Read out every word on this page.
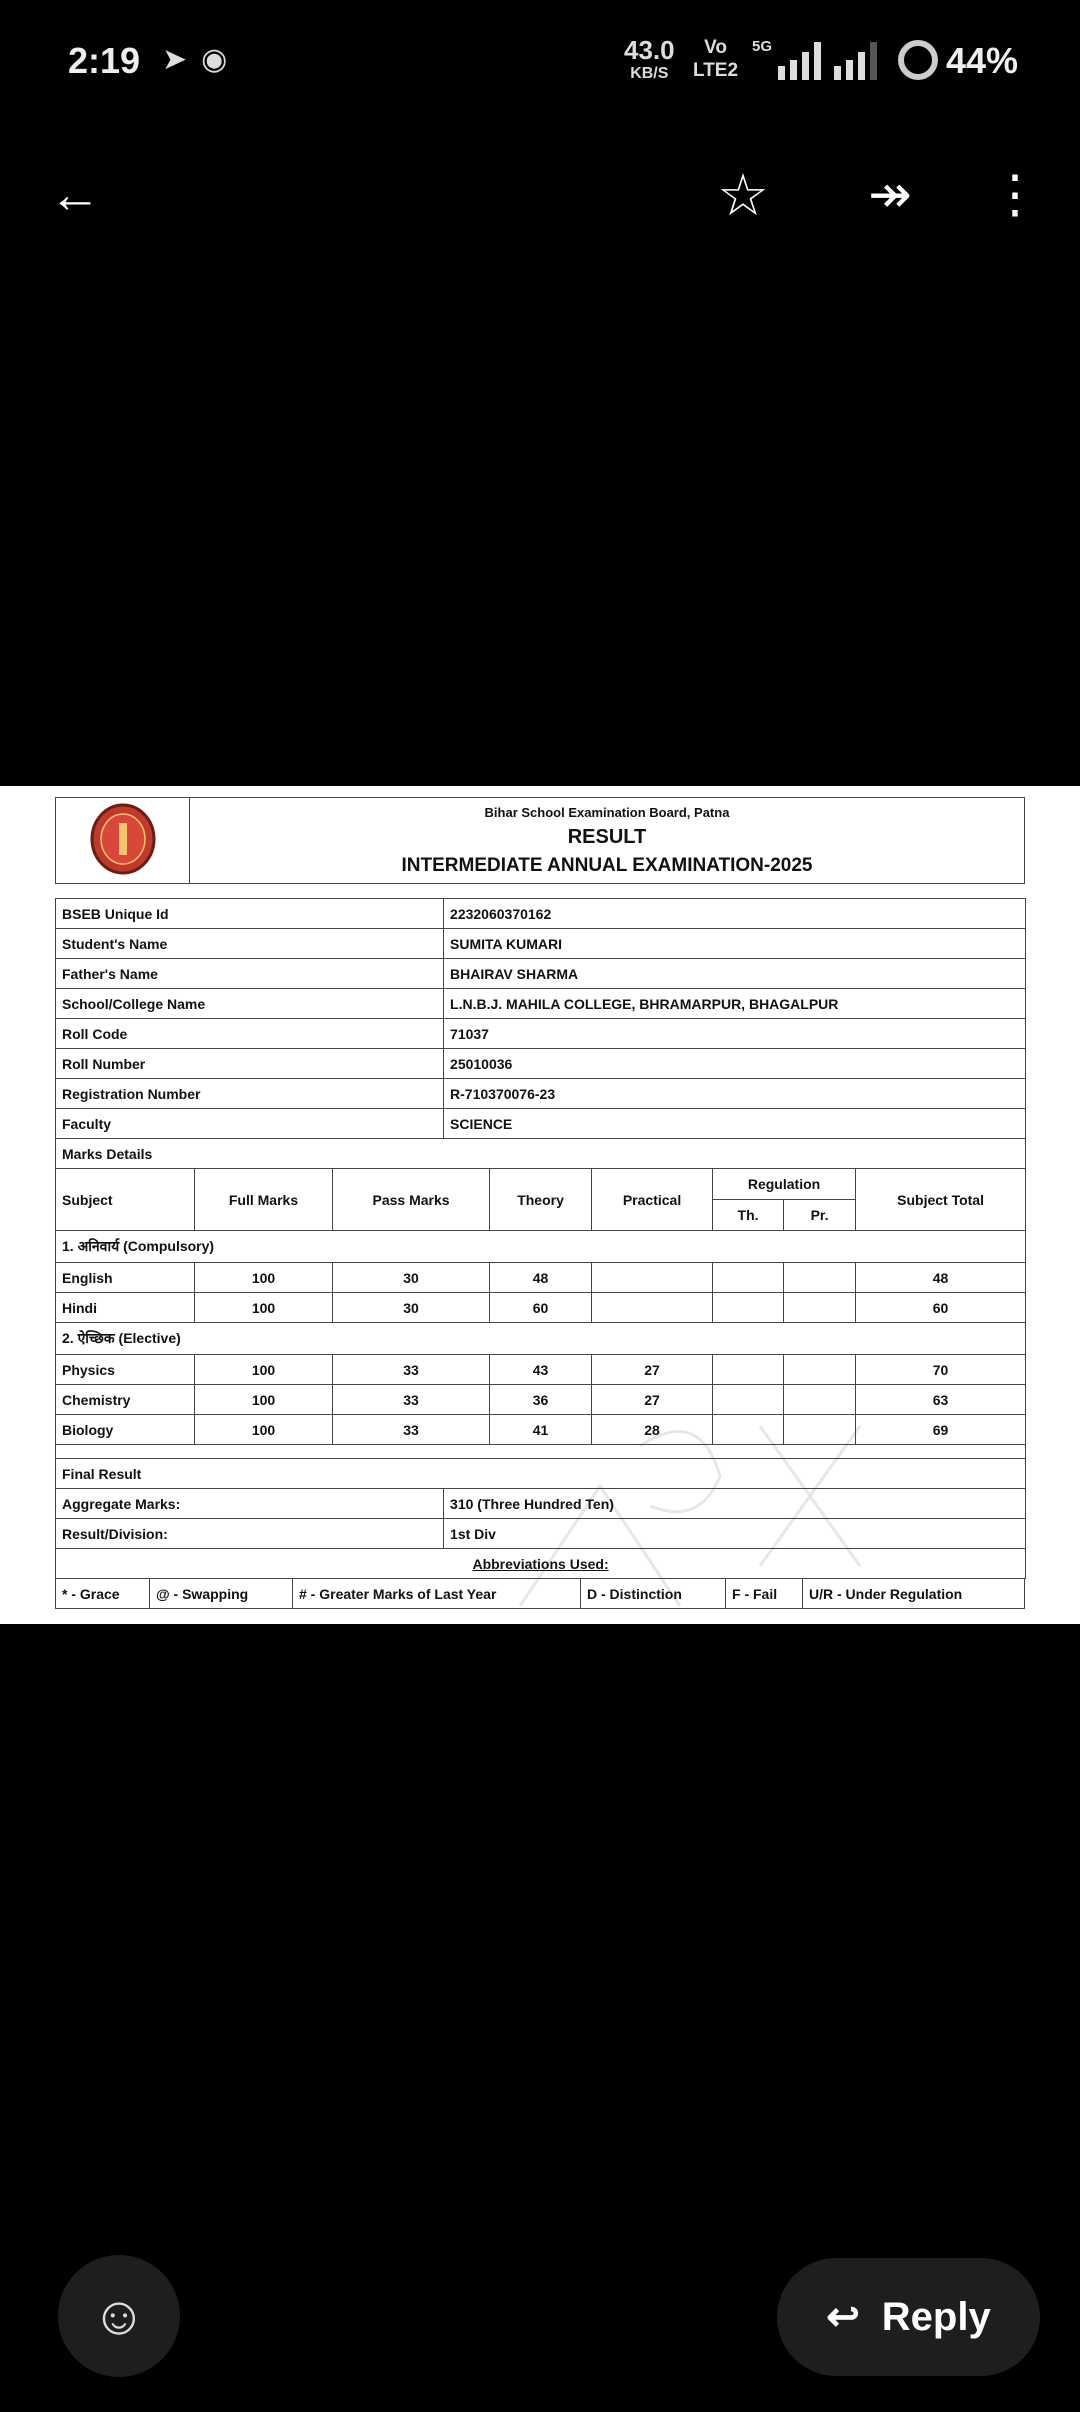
2:19 ➤ ◉	43.0
KB/S
Vo
LTE2
5G	44%
←	☆ ↠ ⋮

Bihar School Examination Board, Patna
RESULT
INTERMEDIATE ANNUAL EXAMINATION-2025
BSEB Unique Id			2232060370162					
Student's Name			SUMITA KUMARI					
Father's Name			BHAIRAV SHARMA					
School/College Name			L.N.B.J. MAHILA COLLEGE, BHRAMARPUR, BHAGALPUR					
Roll Code			71037					
Roll Number			25010036					
Registration Number			R-710370076-23					
Faculty			SCIENCE					
Marks Details								
Subject	Full Marks	Pass Marks		Theory	Practical	Regulation		Subject Total
						Th.	Pr.	
1. अनिवार्य (Compulsory)								
English	100	30		48				48
Hindi	100	30		60				60
2. ऐच्छिक (Elective)								
Physics	100	33		43	27			70
Chemistry	100	33		36	27			63
Biology	100	33		41	28			69

Final Result								
Aggregate Marks:			310 (Three Hundred Ten)					
Result/Division:			1st Div					
Abbreviations Used:								
* - Grace	@ - Swapping	# - Greater Marks of Last Year	D - Distinction	F - Fail	U/R - Under Regulation
☺	↩ Reply
